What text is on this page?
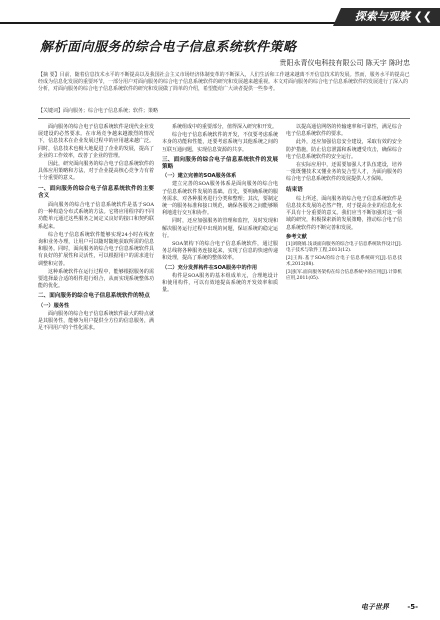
探索与观察 ❮❮
解析面向服务的综合电子信息系统软件策略
贵阳永青仪电科技有限公司 陈天宇 陈时忠
【摘 要】目前，随着信息技术水平的不断提高以及我国社会主义市场经济体制变革的不断深入，人们生活和工作越来越离不开信息技术的发展。然而，服务水平的提高已经成为信息化发展的重要环节，一部分用户对面向服务的综合电子信息系统软件的研究和发展越来越重视。本文对面向服务的综合电子信息系统软件的发展进行了深入的分析，对面向服务的综合电子信息系统软件的研究和发展做了简单的介绍，希望能给广大读者提供一些参考。
【关键词】面向服务；综合电子信息系统；软件；策略

面向服务的综合电子信息系统软件是现代企业发展建设的必然要求。在市场竞争越来越激烈的情况下，信息技术在企业发展过程中的应用越来越广泛。同时，信息技术也极大地促进了企业的发展，提高了企业的工作效率，改善了企业的管理。

因此，研究面向服务的综合电子信息系统软件的具体应用策略和方法，对于企业提高核心竞争力有着十分重要的意义。

一、面向服务的综合电子信息系统软件的主要含义

面向服务的综合电子信息系统软件是基于SOA的一种构造分布式系统的方法。它将应用程序的不同功能单元通过这些服务之间定义良好的接口和契约联系起来。

综合电子信息系统软件能够实现24小时在线查询和业务办理，让用户可以随时随地获取所需的信息和服务。同时，面向服务的综合电子信息系统软件具有良好的扩展性和灵活性，可以根据用户的需求进行调整和完善。

这种系统软件在运行过程中，能够根据服务的需要选择最合适的组件进行组合，从而实现系统整体功能的优化。

二、面向服务的综合电子信息系统软件的特点
（一）服务性

面向服务的综合电子信息系统软件最大的特点就是其服务性，能够为用户提供全方位的信息服务，满足不同用户的个性化需求。

系统组成中的重要部分，值得深入研究和开发。

综合电子信息系统软件的开发，不仅要考虑系统本身的功能和性能，还要考虑系统与其他系统之间的互联互通问题，实现信息资源的共享。

三、面向服务的综合电子信息系统软件的发展策略
（一）建立完善的SOA服务体系

建立完善的SOA服务体系是面向服务的综合电子信息系统软件发展的基础。首先，要明确系统的服务需求，对各种服务进行分类和整理；其次，要制定统一的服务标准和接口规范，确保各服务之间能够顺利地进行交互和协作。

同时，还应加强服务的管理和监控，及时发现和解决服务运行过程中出现的问题，保证系统的稳定运行。

SOA架构下的综合电子信息系统软件，通过服务总线将各种服务连接起来，实现了信息的快速传递和处理，提高了系统的整体效率。

（二）充分发挥构件在SOA服务中的作用

构件是SOA服务的基本组成单元，合理地设计和使用构件，可以有效地提高系统的开发效率和质量。

以提高通信网络的传输速率和可靠性，满足综合电子信息系统软件的要求。

此外，还应加强信息安全建设，采取有效的安全防护措施，防止信息泄露和系统遭受攻击，确保综合电子信息系统软件的安全运行。

在实际应用中，还需要加强人才队伍建设，培养一批既懂技术又懂业务的复合型人才，为面向服务的综合电子信息系统软件的发展提供人才保障。

结束语

综上所述，面向服务的综合电子信息系统软件是信息技术发展的必然产物，对于提高企业的信息化水平具有十分重要的意义。我们应当不断加强对这一领域的研究，积极探索新的发展策略，推动综合电子信息系统软件的不断完善和发展。

参考文献

[1]刘晓娟.浅谈面向服务的综合电子信息系统软件设计[J].电子技术与软件工程,2013(12).

[2]王海.基于SOA的综合电子信息系统研究[J].信息技术,2012(08).

[3]张军.面向服务架构在综合信息系统中的应用[J].计算机应用,2011(05).

电子世界	-5-
